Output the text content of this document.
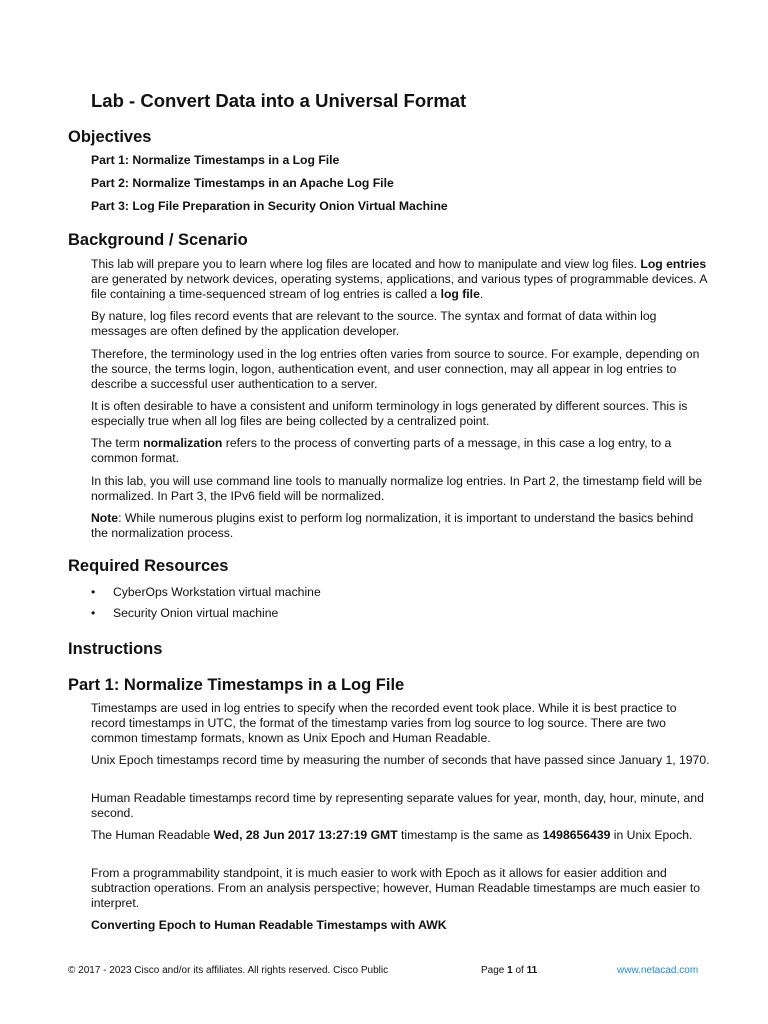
Lab - Convert Data into a Universal Format
Objectives

Part 1: Normalize Timestamps in a Log File

Part 2: Normalize Timestamps in an Apache Log File

Part 3: Log File Preparation in Security Onion Virtual Machine

Background / Scenario

This lab will prepare you to learn where log files are located and how to manipulate and view log files. Log entries are generated by network devices, operating systems, applications, and various types of programmable devices. A file containing a time-sequenced stream of log entries is called a log file.

By nature, log files record events that are relevant to the source. The syntax and format of data within log messages are often defined by the application developer.

Therefore, the terminology used in the log entries often varies from source to source. For example, depending on the source, the terms login, logon, authentication event, and user connection, may all appear in log entries to describe a successful user authentication to a server.

It is often desirable to have a consistent and uniform terminology in logs generated by different sources. This is especially true when all log files are being collected by a centralized point.

The term normalization refers to the process of converting parts of a message, in this case a log entry, to a common format.

In this lab, you will use command line tools to manually normalize log entries. In Part 2, the timestamp field will be normalized. In Part 3, the IPv6 field will be normalized.

Note: While numerous plugins exist to perform log normalization, it is important to understand the basics behind the normalization process.

Required Resources
• CyberOps Workstation virtual machine
• Security Onion virtual machine
Instructions
Part 1: Normalize Timestamps in a Log File

Timestamps are used in log entries to specify when the recorded event took place. While it is best practice to record timestamps in UTC, the format of the timestamp varies from log source to log source. There are two common timestamp formats, known as Unix Epoch and Human Readable.

Unix Epoch timestamps record time by measuring the number of seconds that have passed since January 1, 1970.

Human Readable timestamps record time by representing separate values for year, month, day, hour, minute, and second.

The Human Readable Wed, 28 Jun 2017 13:27:19 GMT timestamp is the same as 1498656439 in Unix Epoch.

From a programmability standpoint, it is much easier to work with Epoch as it allows for easier addition and subtraction operations. From an analysis perspective; however, Human Readable timestamps are much easier to interpret.

Converting Epoch to Human Readable Timestamps with AWK

© 2017 - 2023 Cisco and/or its affiliates. All rights reserved. Cisco Public	Page 1 of 11	www.netacad.com
